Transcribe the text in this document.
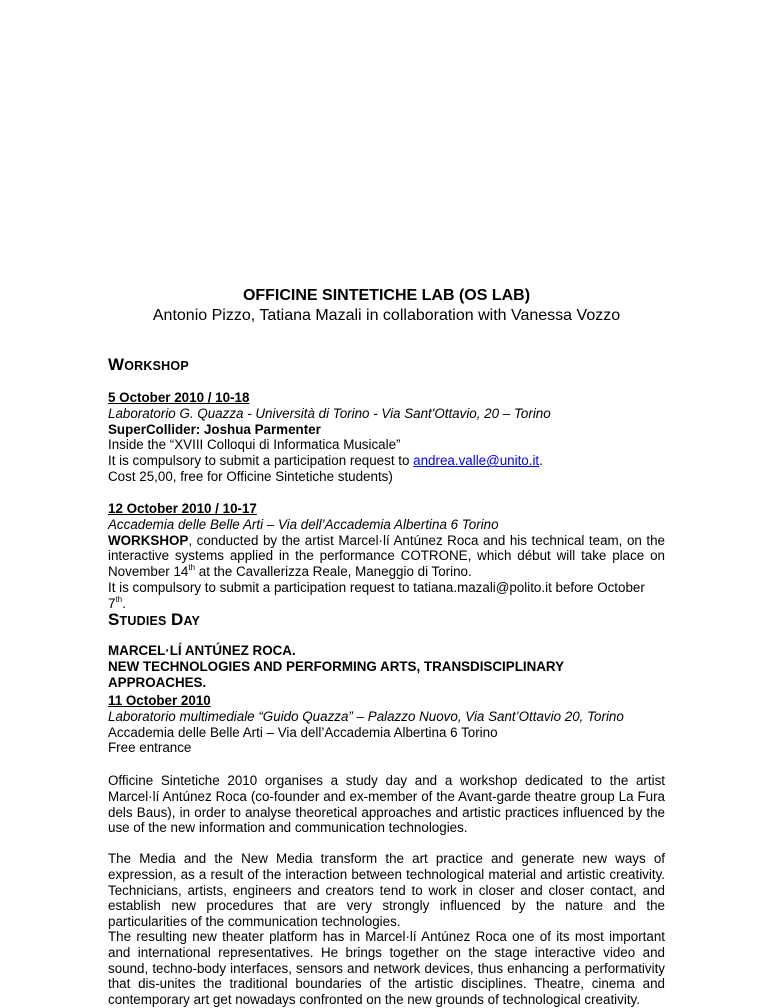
OFFICINE SINTETICHE LAB (OS LAB)

Antonio Pizzo, Tatiana Mazali in collaboration with Vanessa Vozzo

WORKSHOP

5 October 2010 / 10-18

Laboratorio G. Quazza - Università di Torino - Via Sant'Ottavio, 20 – Torino

SuperCollider: Joshua Parmenter

Inside the “XVIII Colloqui di Informatica Musicale”

It is compulsory to submit a participation request to andrea.valle@unito.it.

Cost 25,00, free for Officine Sintetiche students)

12 October 2010 / 10-17

Accademia delle Belle Arti – Via dell’Accademia Albertina 6 Torino

WORKSHOP, conducted by the artist Marcel·lí Antúnez Roca and his technical team, on the interactive systems applied in the performance COTRONE, which début will take place on November 14th at the Cavallerizza Reale, Maneggio di Torino.

It is compulsory to submit a participation request to tatiana.mazali@polito.it before October 7th.

STUDIES DAY

MARCEL·LÍ ANTÚNEZ ROCA.

NEW TECHNOLOGIES AND PERFORMING ARTS, TRANSDISCIPLINARY APPROACHES.

11 October 2010

Laboratorio multimediale “Guido Quazza” – Palazzo Nuovo, Via Sant’Ottavio 20, Torino

Accademia delle Belle Arti – Via dell’Accademia Albertina 6 Torino

Free entrance

Officine Sintetiche 2010 organises a study day and a workshop dedicated to the artist Marcel·lí Antúnez Roca (co-founder and ex-member of the Avant-garde theatre group La Fura dels Baus), in order to analyse theoretical approaches and artistic practices influenced by the use of the new information and communication technologies.

The Media and the New Media transform the art practice and generate new ways of expression, as a result of the interaction between technological material and artistic creativity. Technicians, artists, engineers and creators tend to work in closer and closer contact, and establish new procedures that are very strongly influenced by the nature and the particularities of the communication technologies.

The resulting new theater platform has in Marcel·lí Antúnez Roca one of its most important and international representatives. He brings together on the stage interactive video and sound, techno-body interfaces, sensors and network devices, thus enhancing a performativity that dis-unites the traditional boundaries of the artistic disciplines. Theatre, cinema and contemporary art get nowadays confronted on the new grounds of technological creativity.
